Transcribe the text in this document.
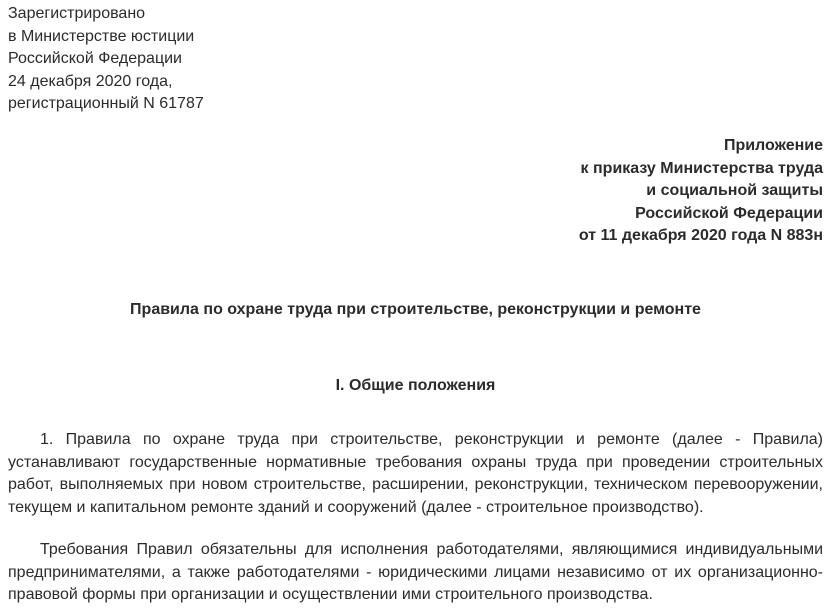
Зарегистрировано
в Министерстве юстиции
Российской Федерации
24 декабря 2020 года,
регистрационный N 61787
Приложение
к приказу Министерства труда
и социальной защиты
Российской Федерации
от 11 декабря 2020 года N 883н
Правила по охране труда при строительстве, реконструкции и ремонте
I. Общие положения

1. Правила по охране труда при строительстве, реконструкции и ремонте (далее - Правила) устанавливают государственные нормативные требования охраны труда при проведении строительных работ, выполняемых при новом строительстве, расширении, реконструкции, техническом перевооружении, текущем и капитальном ремонте зданий и сооружений (далее - строительное производство).

Требования Правил обязательны для исполнения работодателями, являющимися индивидуальными предпринимателями, а также работодателями - юридическими лицами независимо от их организационно-правовой формы при организации и осуществлении ими строительного производства.
